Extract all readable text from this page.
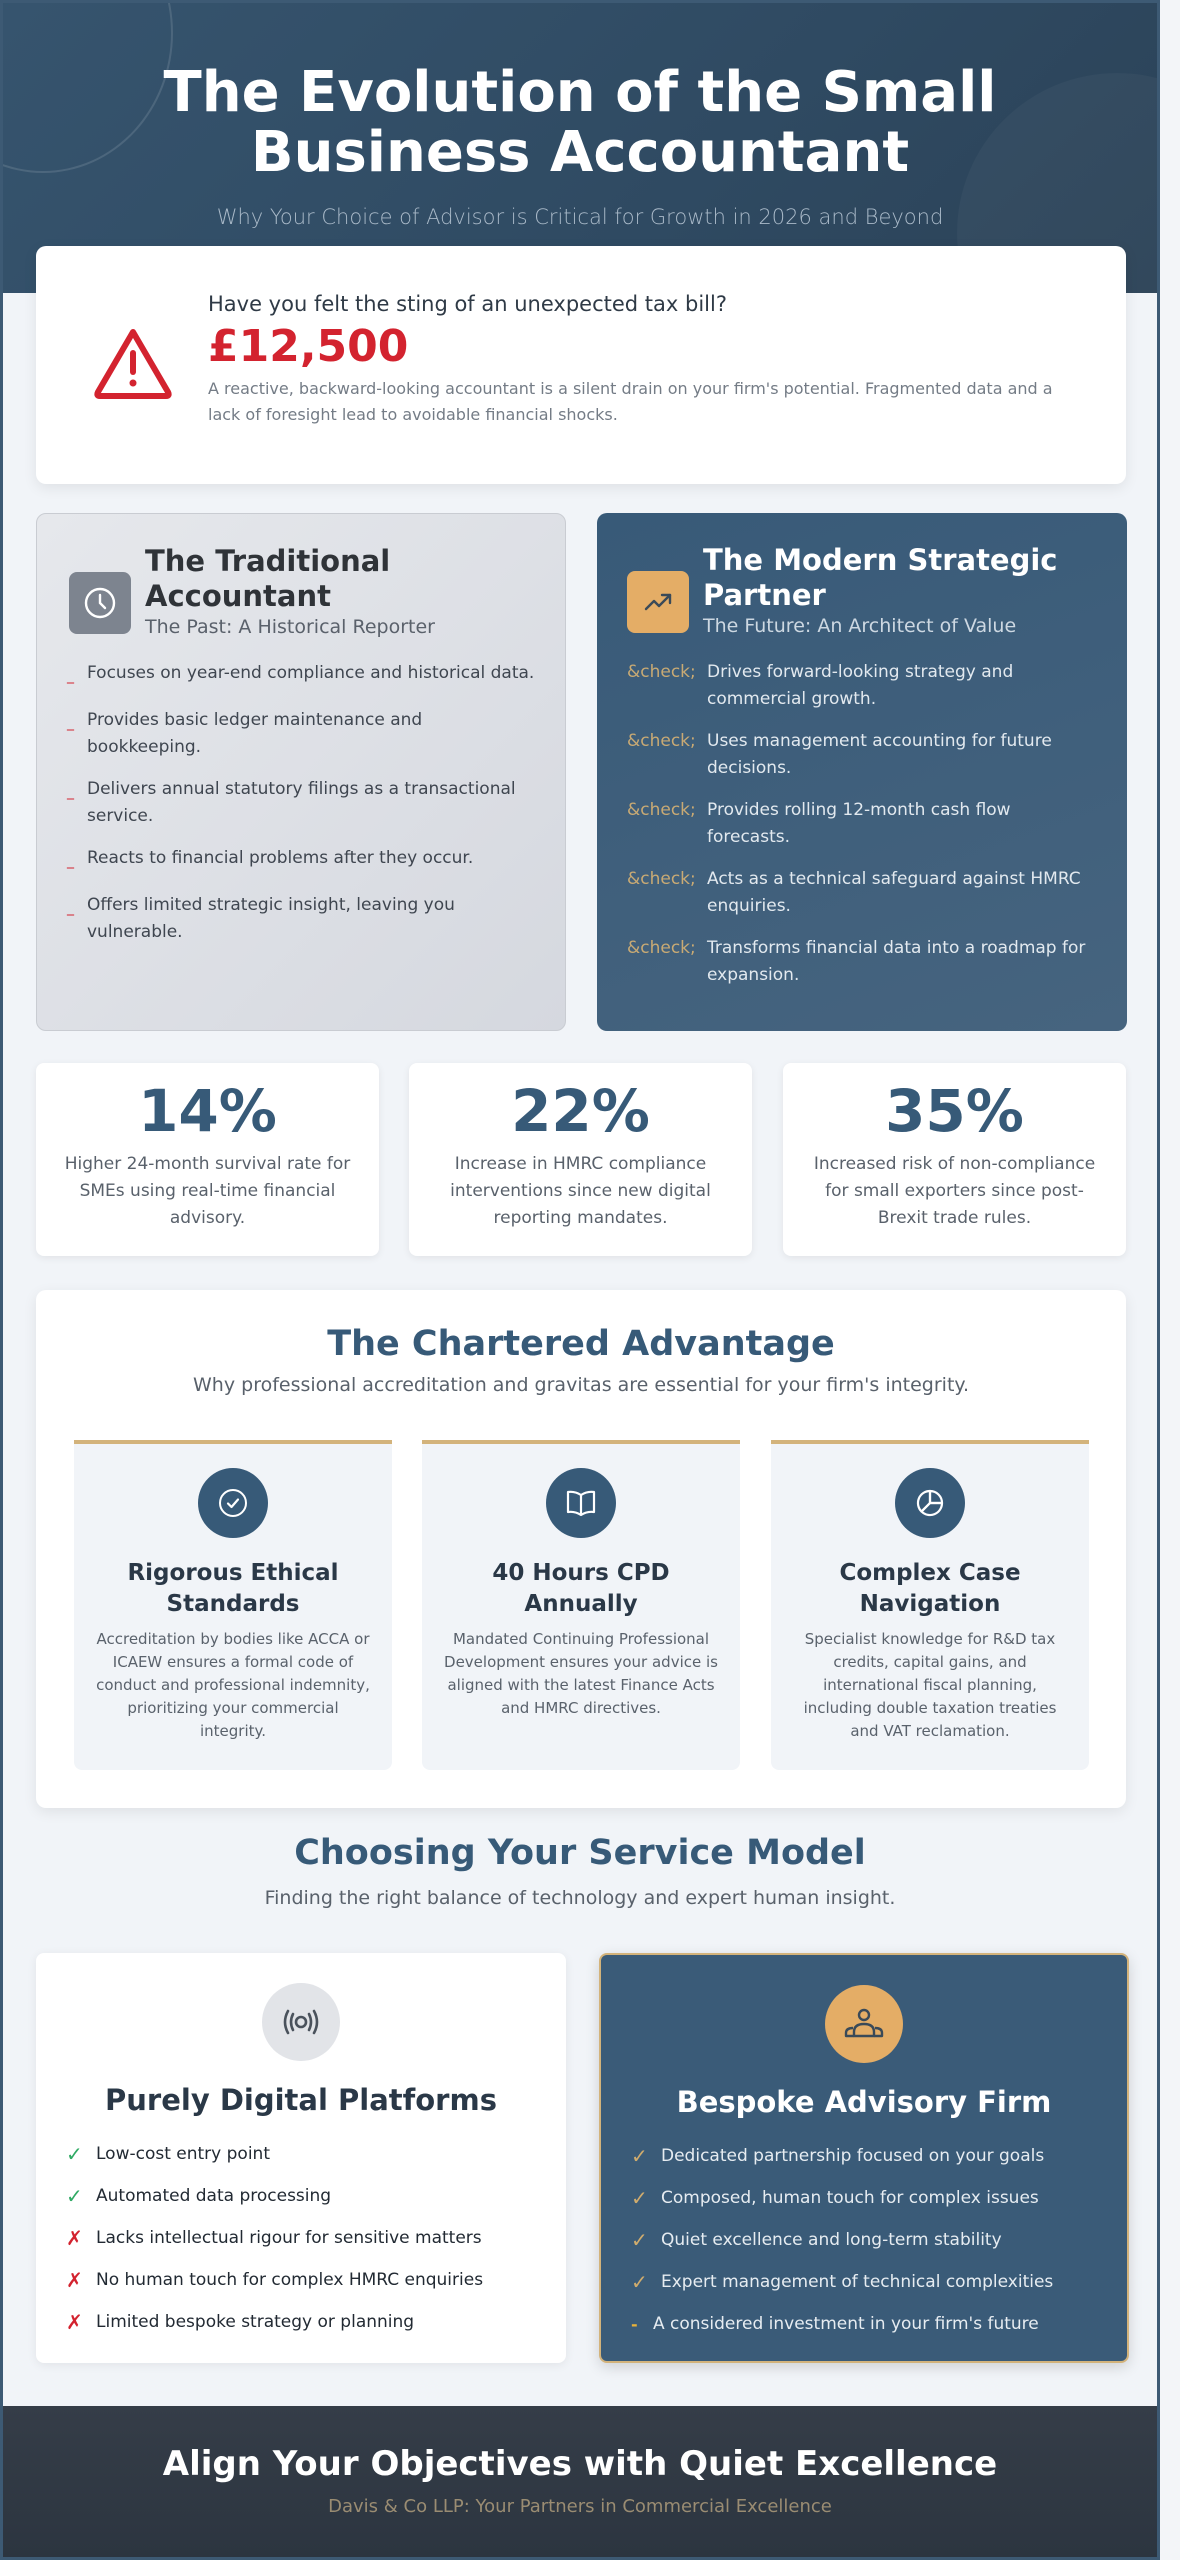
The Evolution of the Small Business Accountant
Why Your Choice of Advisor is Critical for Growth in 2026 and Beyond
Have you felt the sting of an unexpected tax bill?
£12,500
A reactive, backward-looking accountant is a silent drain on your firm's potential. Fragmented data and a lack of foresight lead to avoidable financial shocks.
The Traditional Accountant
The Past: A Historical Reporter
_ Focuses on year-end compliance and historical data.
_ Provides basic ledger maintenance and bookkeeping.
_ Delivers annual statutory filings as a transactional service.
_ Reacts to financial problems after they occur.
_ Offers limited strategic insight, leaving you vulnerable.
The Modern Strategic Partner
The Future: An Architect of Value
&check; Drives forward-looking strategy and commercial growth.
&check; Uses management accounting for future decisions.
&check; Provides rolling 12-month cash flow forecasts.
&check; Acts as a technical safeguard against HMRC enquiries.
&check; Transforms financial data into a roadmap for expansion.
14%
Higher 24-month survival rate for SMEs using real-time financial advisory.
22%
Increase in HMRC compliance interventions since new digital reporting mandates.
35%
Increased risk of non-compliance for small exporters since post-Brexit trade rules.
The Chartered Advantage
Why professional accreditation and gravitas are essential for your firm's integrity.
Rigorous Ethical Standards
Accreditation by bodies like ACCA or ICAEW ensures a formal code of conduct and professional indemnity, prioritizing your commercial integrity.
40 Hours CPD Annually
Mandated Continuing Professional Development ensures your advice is aligned with the latest Finance Acts and HMRC directives.
Complex Case Navigation
Specialist knowledge for R&D tax credits, capital gains, and international fiscal planning, including double taxation treaties and VAT reclamation.
Choosing Your Service Model
Finding the right balance of technology and expert human insight.
Purely Digital Platforms
✓ Low-cost entry point
✓ Automated data processing
✗ Lacks intellectual rigour for sensitive matters
✗ No human touch for complex HMRC enquiries
✗ Limited bespoke strategy or planning
Bespoke Advisory Firm
✓ Dedicated partnership focused on your goals
✓ Composed, human touch for complex issues
✓ Quiet excellence and long-term stability
✓ Expert management of technical complexities
- A considered investment in your firm's future
Align Your Objectives with Quiet Excellence
Davis & Co LLP: Your Partners in Commercial Excellence
